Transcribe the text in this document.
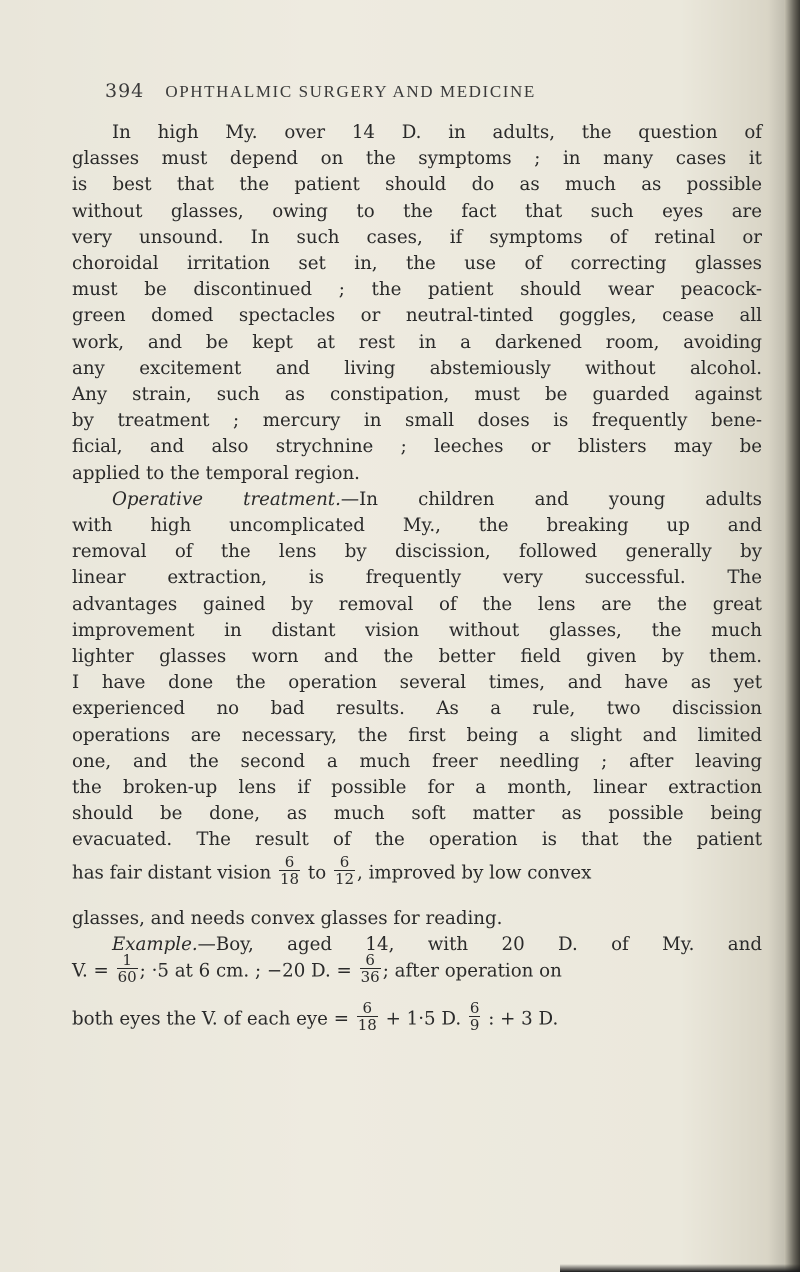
394 OPHTHALMIC SURGERY AND MEDICINE
In high My. over 14 D. in adults, the question of
glasses must depend on the symptoms ; in many cases it
is best that the patient should do as much as possible
without glasses, owing to the fact that such eyes are
very unsound. In such cases, if symptoms of retinal or
choroidal irritation set in, the use of correcting glasses
must be discontinued ; the patient should wear peacock-
green domed spectacles or neutral-tinted goggles, cease all
work, and be kept at rest in a darkened room, avoiding
any excitement and living abstemiously without alcohol.
Any strain, such as constipation, must be guarded against
by treatment ; mercury in small doses is frequently bene-
ficial, and also strychnine ; leeches or blisters may be
applied to the temporal region.
Operative treatment.—In children and young adults
with high uncomplicated My., the breaking up and
removal of the lens by discission, followed generally by
linear extraction, is frequently very successful. The
advantages gained by removal of the lens are the great
improvement in distant vision without glasses, the much
lighter glasses worn and the better field given by them.
I have done the operation several times, and have as yet
experienced no bad results. As a rule, two discission
operations are necessary, the first being a slight and limited
one, and the second a much freer needling ; after leaving
the broken-up lens if possible for a month, linear extraction
should be done, as much soft matter as possible being
evacuated. The result of the operation is that the patient
has fair distant vision $\frac{6}{18}$ to $\frac{6}{12}$ , improved by low convex
glasses, and needs convex glasses for reading.
Example.—Boy, aged 14, with 20 D. of My. and
V. = $\frac{1}{60}$ ; ·5 at 6 cm. ; −20 D. = $\frac{6}{36}$ ; after operation on
both eyes the V. of each eye = $\frac{6}{18} + 1\cdot 5$ D. $\frac{6}{9}$ : + 3 D.
